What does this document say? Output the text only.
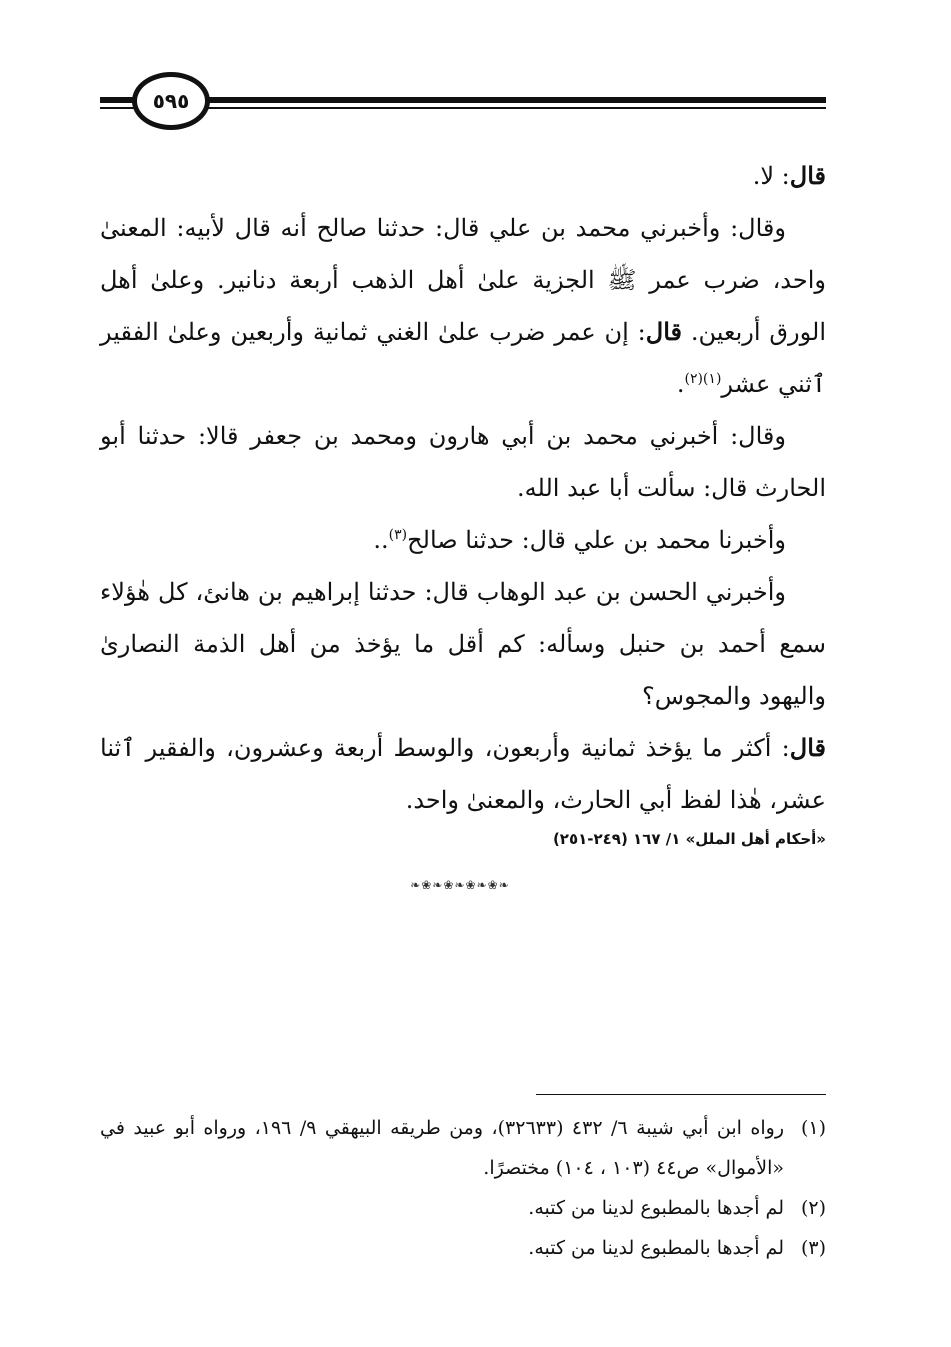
٥٩٥

قال: لا.

وقال: وأخبرني محمد بن علي قال: حدثنا صالح أنه قال لأبيه: المعنىٰ واحد، ضرب عمر ﷺ الجزية علىٰ أهل الذهب أربعة دنانير. وعلىٰ أهل الورق أربعين. قال: إن عمر ضرب علىٰ الغني ثمانية وأربعين وعلىٰ الفقير ٱثني عشر$^{(١)(٢)}$.

وقال: أخبرني محمد بن أبي هارون ومحمد بن جعفر قالا: حدثنا أبو الحارث قال: سألت أبا عبد الله.

وأخبرنا محمد بن علي قال: حدثنا صالح$^{(٣)}$..

وأخبرني الحسن بن عبد الوهاب قال: حدثنا إبراهيم بن هانئ، كل هٰؤلاء سمع أحمد بن حنبل وسأله: كم أقل ما يؤخذ من أهل الذمة النصارىٰ واليهود والمجوس؟

قال: أكثر ما يؤخذ ثمانية وأربعون، والوسط أربعة وعشرون، والفقير ٱثنا عشر، هٰذا لفظ أبي الحارث، والمعنىٰ واحد.

«أحكام أهل الملل» ١/ ١٦٧ (٢٤٩-٢٥١)

❧❀❧❀❧❀❧❀❧

(١)
رواه ابن أبي شيبة ٦/ ٤٣٢ (٣٢٦٣٣)، ومن طريقه البيهقي ٩/ ١٩٦، ورواه أبو عبيد في «الأموال» ص٤٤ (١٠٣ ، ١٠٤) مختصرًا.

(٢)
لم أجدها بالمطبوع لدينا من كتبه.

(٣)
لم أجدها بالمطبوع لدينا من كتبه.
